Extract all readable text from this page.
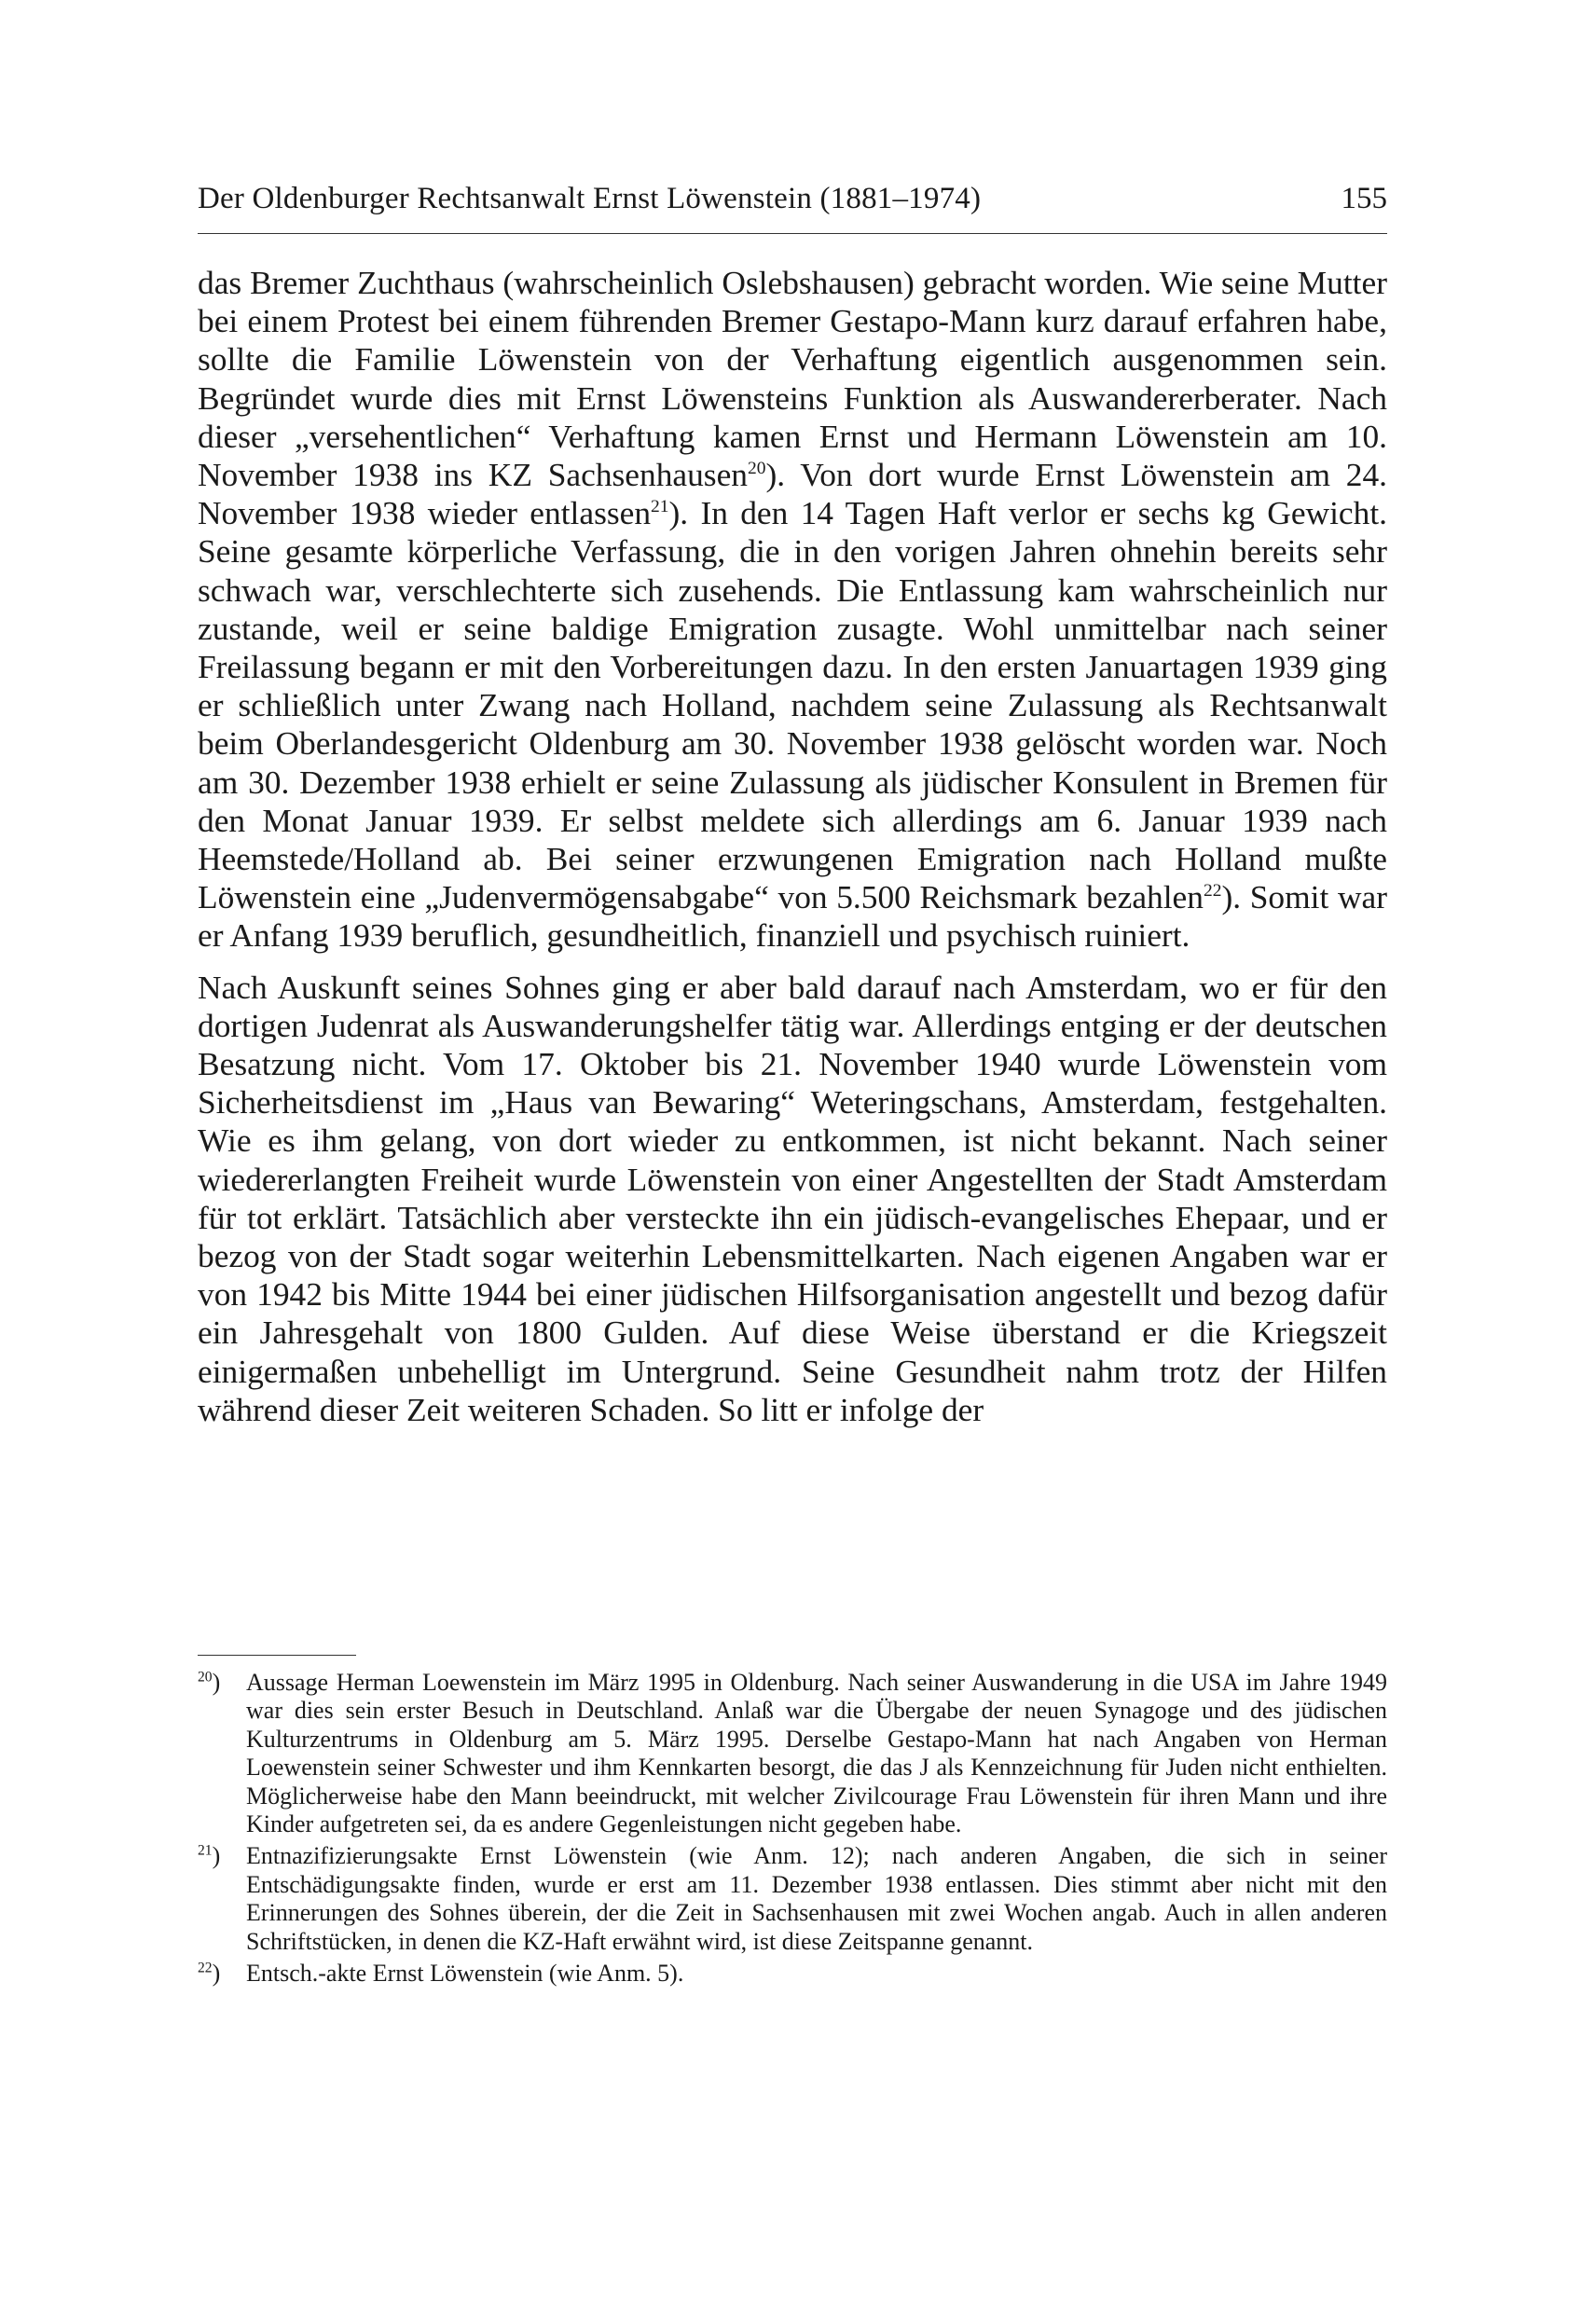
Der Oldenburger Rechtsanwalt Ernst Löwenstein (1881–1974)	155

das Bremer Zuchthaus (wahrscheinlich Oslebshausen) gebracht worden. Wie seine Mutter bei einem Protest bei einem führenden Bremer Gestapo-Mann kurz darauf erfahren habe, sollte die Familie Löwenstein von der Verhaftung eigentlich ausgenommen sein. Begründet wurde dies mit Ernst Löwensteins Funktion als Auswandererberater. Nach dieser „versehentlichen“ Verhaftung kamen Ernst und Hermann Löwenstein am 10. November 1938 ins KZ Sachsenhausen$^{20}$). Von dort wurde Ernst Löwenstein am 24. November 1938 wieder entlassen$^{21}$). In den 14 Tagen Haft verlor er sechs kg Gewicht. Seine gesamte körperliche Verfassung, die in den vorigen Jahren ohnehin bereits sehr schwach war, verschlechterte sich zusehends. Die Entlassung kam wahrscheinlich nur zustande, weil er seine baldige Emigration zusagte. Wohl unmittelbar nach seiner Freilassung begann er mit den Vorbereitungen dazu. In den ersten Januartagen 1939 ging er schließlich unter Zwang nach Holland, nachdem seine Zulassung als Rechtsanwalt beim Oberlandesgericht Oldenburg am 30. November 1938 gelöscht worden war. Noch am 30. Dezember 1938 erhielt er seine Zulassung als jüdischer Konsulent in Bremen für den Monat Januar 1939. Er selbst meldete sich allerdings am 6. Januar 1939 nach Heemstede/Holland ab. Bei seiner erzwungenen Emigration nach Holland mußte Löwenstein eine „Judenvermögensabgabe“ von 5.500 Reichsmark bezahlen$^{22}$). Somit war er Anfang 1939 beruflich, gesundheitlich, finanziell und psychisch ruiniert.

Nach Auskunft seines Sohnes ging er aber bald darauf nach Amsterdam, wo er für den dortigen Judenrat als Auswanderungshelfer tätig war. Allerdings entging er der deutschen Besatzung nicht. Vom 17. Oktober bis 21. November 1940 wurde Löwenstein vom Sicherheitsdienst im „Haus van Bewaring“ Weteringschans, Amsterdam, festgehalten. Wie es ihm gelang, von dort wieder zu entkommen, ist nicht bekannt. Nach seiner wiedererlangten Freiheit wurde Löwenstein von einer Angestellten der Stadt Amsterdam für tot erklärt. Tatsächlich aber versteckte ihn ein jüdisch-evangelisches Ehepaar, und er bezog von der Stadt sogar weiterhin Lebensmittelkarten. Nach eigenen Angaben war er von 1942 bis Mitte 1944 bei einer jüdischen Hilfsorganisation angestellt und bezog dafür ein Jahresgehalt von 1800 Gulden. Auf diese Weise überstand er die Kriegszeit einigermaßen unbehelligt im Untergrund. Seine Gesundheit nahm trotz der Hilfen während dieser Zeit weiteren Schaden. So litt er infolge der

$^{20}$)	Aussage Herman Loewenstein im März 1995 in Oldenburg. Nach seiner Auswanderung in die USA im Jahre 1949 war dies sein erster Besuch in Deutschland. Anlaß war die Übergabe der neuen Synagoge und des jüdischen Kulturzentrums in Oldenburg am 5. März 1995. Derselbe Gestapo-Mann hat nach Angaben von Herman Loewenstein seiner Schwester und ihm Kennkarten besorgt, die das J als Kennzeichnung für Juden nicht enthielten. Möglicherweise habe den Mann beeindruckt, mit welcher Zivilcourage Frau Löwenstein für ihren Mann und ihre Kinder aufgetreten sei, da es andere Gegenleistungen nicht gegeben habe.
$^{21}$)	Entnazifizierungsakte Ernst Löwenstein (wie Anm. 12); nach anderen Angaben, die sich in seiner Entschädigungsakte finden, wurde er erst am 11. Dezember 1938 entlassen. Dies stimmt aber nicht mit den Erinnerungen des Sohnes überein, der die Zeit in Sachsenhausen mit zwei Wochen angab. Auch in allen anderen Schriftstücken, in denen die KZ-Haft erwähnt wird, ist diese Zeitspanne genannt.
$^{22}$)	Entsch.-akte Ernst Löwenstein (wie Anm. 5).
